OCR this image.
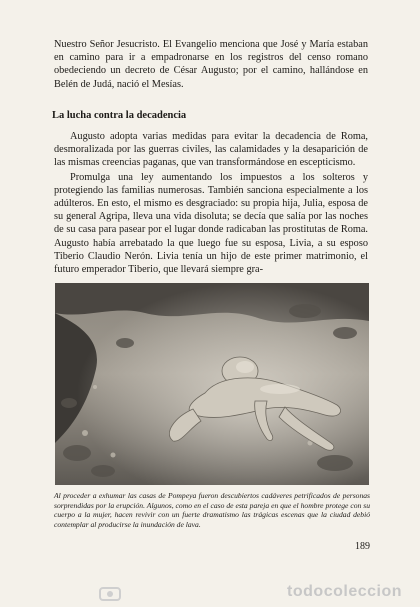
Nuestro Señor Jesucristo. El Evangelio menciona que José y María estaban en camino para ir a empadronarse en los registros del censo romano obedeciendo un decreto de César Augusto; por el camino, hallándose en Belén de Judá, nació el Mesías.

La lucha contra la decadencia

Augusto adopta varias medidas para evitar la decadencia de Roma, desmoralizada por las guerras civiles, las calamidades y la desaparición de las mismas creencias paganas, que van transformándose en escepticismo.

Promulga una ley aumentando los impuestos a los solteros y protegiendo las familias numerosas. También sanciona especialmente a los adúlteros. En esto, el mismo es desgraciado: su propia hija, Julia, esposa de su general Agripa, lleva una vida disoluta; se decía que salía por las noches de su casa para pasear por el lugar donde radicaban las prostitutas de Roma. Augusto había arrebatado la que luego fue su esposa, Livia, a su esposo Tiberio Claudio Nerón. Livia tenía un hijo de este primer matrimonio, el futuro emperador Tiberio, que llevará siempre gra-

Al proceder a exhumar las casas de Pompeya fueron descubiertos cadáveres petrificados de personas sorprendidas por la erupción. Algunos, como en el caso de esta pareja en que el hombre protege con su cuerpo a la mujer, hacen revivir con un fuerte dramatismo las trágicas escenas que la ciudad debió contemplar al producirse la inundación de lava.

189

todocoleccion
